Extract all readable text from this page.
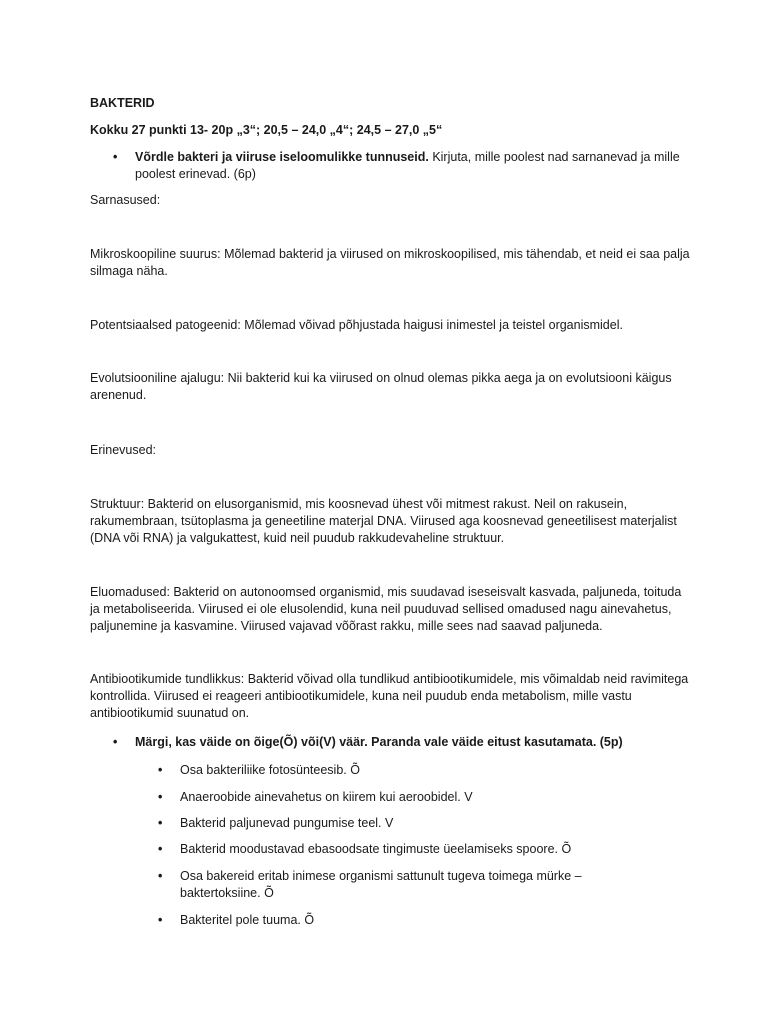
BAKTERID

Kokku 27 punkti 13- 20p „3“; 20,5 – 24,0 „4“; 24,5 – 27,0 „5“

• Võrdle bakteri ja viiruse iseloomulikke tunnuseid. Kirjuta, mille poolest nad sarnanevad ja mille poolest erinevad. (6p)

Sarnasused:

Mikroskoopiline suurus: Mõlemad bakterid ja viirused on mikroskoopilised, mis tähendab, et neid ei saa palja silmaga näha.

Potentsiaalsed patogeenid: Mõlemad võivad põhjustada haigusi inimestel ja teistel organismidel.

Evolutsiooniline ajalugu: Nii bakterid kui ka viirused on olnud olemas pikka aega ja on evolutsiooni käigus arenenud.

Erinevused:

Struktuur: Bakterid on elusorganismid, mis koosnevad ühest või mitmest rakust. Neil on rakusein, rakumembraan, tsütoplasma ja geneetiline materjal DNA. Viirused aga koosnevad geneetilisest materjalist (DNA või RNA) ja valgukattest, kuid neil puudub rakkudevaheline struktuur.

Eluomadused: Bakterid on autonoomsed organismid, mis suudavad iseseisvalt kasvada, paljuneda, toituda ja metaboliseerida. Viirused ei ole elusolendid, kuna neil puuduvad sellised omadused nagu ainevahetus, paljunemine ja kasvamine. Viirused vajavad võõrast rakku, mille sees nad saavad paljuneda.

Antibiootikumide tundlikkus: Bakterid võivad olla tundlikud antibiootikumidele, mis võimaldab neid ravimitega kontrollida. Viirused ei reageeri antibiootikumidele, kuna neil puudub enda metabolism, mille vastu antibiootikumid suunatud on.

• Märgi, kas väide on õige(Õ) või(V) väär. Paranda vale väide eitust kasutamata. (5p)
• Osa bakteriliike fotosünteesib. Õ
• Anaeroobide ainevahetus on kiirem kui aeroobidel. V
• Bakterid paljunevad pungumise teel. V
• Bakterid moodustavad ebasoodsate tingimuste üeelamiseks spoore. Õ
• Osa bakereid eritab inimese organismi sattunult tugeva toimega mürke – baktertoksiine. Õ
• Bakteritel pole tuuma. Õ
